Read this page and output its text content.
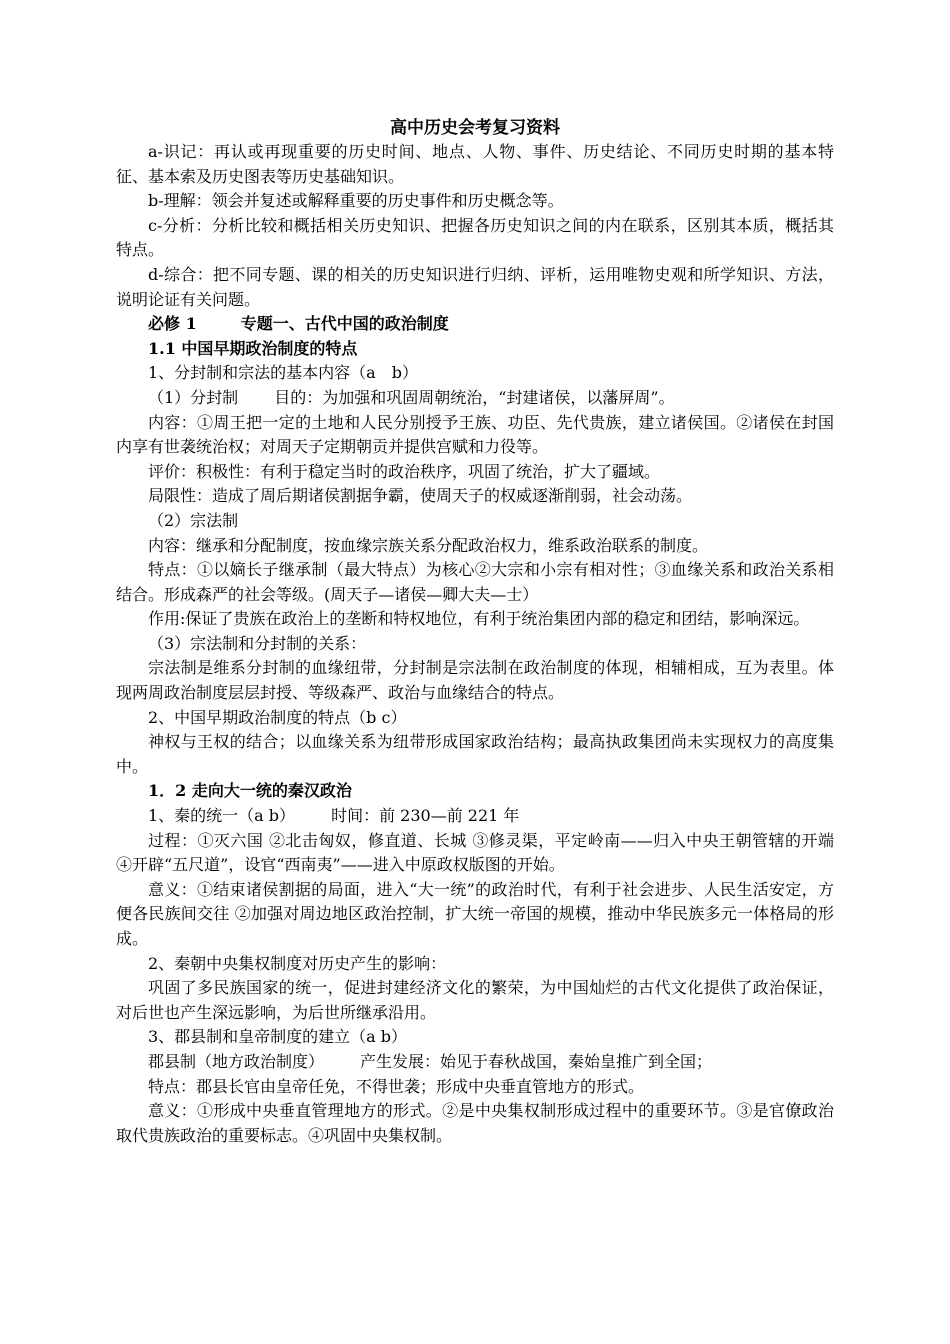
高中历史会考复习资料

a-识记：再认或再现重要的历史时间、地点、人物、事件、历史结论、不同历史时期的基本特征、基本索及历史图表等历史基础知识。

b-理解：领会并复述或解释重要的历史事件和历史概念等。

c-分析：分析比较和概括相关历史知识、把握各历史知识之间的内在联系，区别其本质，概括其特点。

d-综合：把不同专题、课的相关的历史知识进行归纳、评析，运用唯物史观和所学知识、方法，说明论证有关问题。

必修 1	专题一、古代中国的政治制度

1.1 中国早期政治制度的特点

1、分封制和宗法的基本内容（a　b）

（1）分封制 目的：为加强和巩固周朝统治，“封建诸侯，以藩屏周”。

内容：①周王把一定的土地和人民分别授予王族、功臣、先代贵族，建立诸侯国。②诸侯在封国内享有世袭统治权；对周天子定期朝贡并提供宫赋和力役等。

评价：积极性：有利于稳定当时的政治秩序，巩固了统治，扩大了疆域。

局限性：造成了周后期诸侯割据争霸，使周天子的权威逐渐削弱，社会动荡。

（2）宗法制

内容：继承和分配制度，按血缘宗族关系分配政治权力，维系政治联系的制度。

特点：①以嫡长子继承制（最大特点）为核心②大宗和小宗有相对性；③血缘关系和政治关系相结合。形成森严的社会等级。(周天子—诸侯—卿大夫—士）

作用:保证了贵族在政治上的垄断和特权地位，有利于统治集团内部的稳定和团结，影响深远。

（3）宗法制和分封制的关系：

宗法制是维系分封制的血缘纽带，分封制是宗法制在政治制度的体现，相辅相成，互为表里。体现两周政治制度层层封授、等级森严、政治与血缘结合的特点。

2、中国早期政治制度的特点（b c）

神权与王权的结合；以血缘关系为纽带形成国家政治结构；最高执政集团尚未实现权力的高度集中。

1．2 走向大一统的秦汉政治

1、秦的统一（a b） 时间：前 230—前 221 年

过程：①灭六国 ②北击匈奴，修直道、长城 ③修灵渠，平定岭南——归入中央王朝管辖的开端 ④开辟“五尺道”，设官“西南夷”——进入中原政权版图的开始。

意义：①结束诸侯割据的局面，进入“大一统”的政治时代，有利于社会进步、人民生活安定，方便各民族间交往 ②加强对周边地区政治控制，扩大统一帝国的规模，推动中华民族多元一体格局的形成。

2、秦朝中央集权制度对历史产生的影响：

巩固了多民族国家的统一，促进封建经济文化的繁荣，为中国灿烂的古代文化提供了政治保证，对后世也产生深远影响，为后世所继承沿用。

3、郡县制和皇帝制度的建立（a b）

郡县制（地方政治制度） 产生发展：始见于春秋战国，秦始皇推广到全国；

特点：郡县长官由皇帝任免，不得世袭；形成中央垂直管地方的形式。

意义：①形成中央垂直管理地方的形式。②是中央集权制形成过程中的重要环节。③是官僚政治取代贵族政治的重要标志。④巩固中央集权制。
